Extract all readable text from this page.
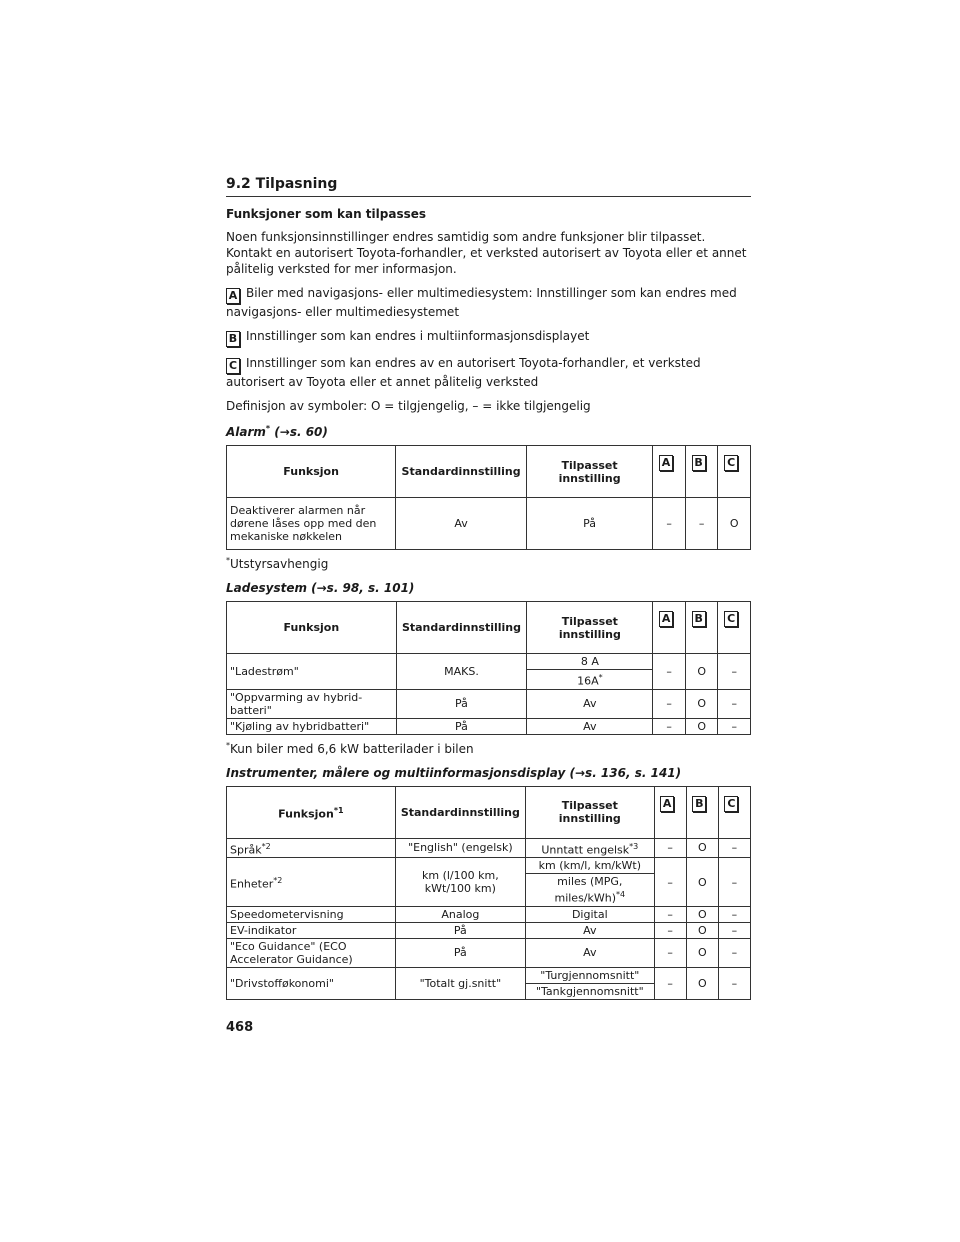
9.2 Tilpasning
Funksjoner som kan tilpasses

Noen funksjonsinnstillinger endres samtidig som andre funksjoner blir tilpasset. Kontakt en autorisert Toyota-forhandler, et verksted autorisert av Toyota eller et annet pålitelig verksted for mer informasjon.

A Biler med navigasjons- eller multimediesystem: Innstillinger som kan endres med navigasjons- eller multimediesystemet

B Innstillinger som kan endres i multiinformasjonsdisplayet

C Innstillinger som kan endres av en autorisert Toyota-forhandler, et verksted autorisert av Toyota eller et annet pålitelig verksted

Definisjon av symboler: O = tilgjengelig, – = ikke tilgjengelig

Alarm* (→s. 60)
Funksjon	Standardinnstilling	Tilpasset innstilling	A	B	C
Deaktiverer alarmen når dørene låses opp med den mekaniske nøkkelen	Av	På	–	–	O
*Utstyrsavhengig
Ladesystem (→s. 98, s. 101)
Funksjon	Standardinnstilling	Tilpasset innstilling	A	B	C
"Ladestrøm"	MAKS.	8 A	–	O	–
		16A*
"Oppvarming av hybrid-batteri"	På	Av	–	O	–
"Kjøling av hybridbatteri"	På	Av	–	O	–
*Kun biler med 6,6 kW batterilader i bilen
Instrumenter, målere og multiinformasjonsdisplay (→s. 136, s. 141)
Funksjon$^{*1}$	Standardinnstilling	Tilpasset innstilling	A	B	C
Språk$^{*2}$	"English" (engelsk)	Unntatt engelsk$^{*3}$	–	O	–
Enheter$^{*2}$	km (l/100 km, kWt/100 km)	km (km/l, km/kWt)	–	O	–
		miles (MPG, miles/kWh)$^{*4}$
Speedometervisning	Analog	Digital	–	O	–
EV-indikator	På	Av	–	O	–
"Eco Guidance" (ECO Accelerator Guidance)	På	Av	–	O	–
"Drivstofføkonomi"	"Totalt gj.snitt"	"Turgjennomsnitt"	–	O	–
		"Tankgjennomsnitt"			
468
